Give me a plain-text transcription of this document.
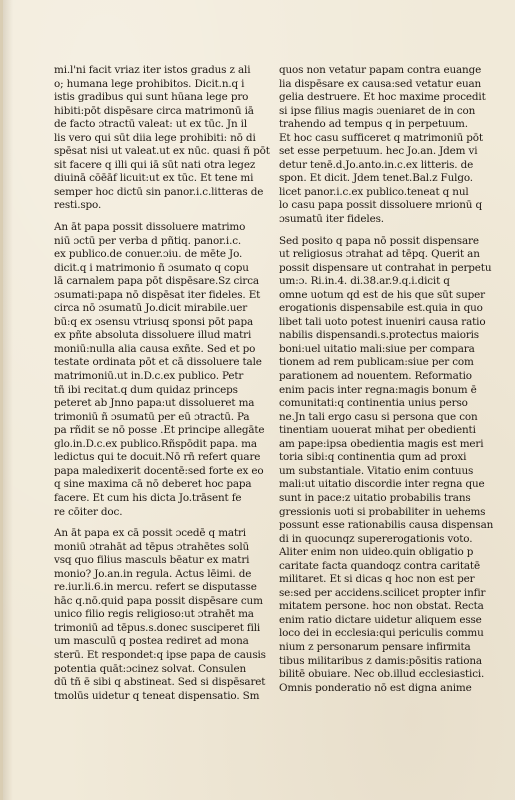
mi.l'ni facit vriaz iter istos gradus z ali
o; humana lege prohibitos. Dicit.n.q i
istis gradibus qui sunt hūana lege pro
hibiti:pōt dispēsare circa matrimonū iā
de facto ɔtractū valeat: ut ex tūc. Jn il
lis vero qui sūt diia lege prohibiti: nō di
spēsat nisi ut valeat.ut ex nūc. quasi ñ pōt
sit facere q illi qui iā sūt nati otra legez
diuinā cōēāf licuit:ut ex tūc. Et tene mi
semper hoc dictū sin panor.i.c.litteras de
resti.spo.
An āt papa possit dissoluere matrimo
niū ɔctū per verba d pñtiq. panor.i.c.
ex publico.de conuer.ɔiu. de mēte Jo.
dicit.q i matrimonio ñ ɔsumato q copu
lā carnalem papa pōt dispēsare.Sz circa
ɔsumati:papa nō dispēsat iter fideles. Et
circa nō ɔsumatū Jo.dicit mirabile.uer
bū:q ex ɔsensu vtriusq sponsi pōt papa
ex pñte absoluta dissoluere illud matri
moniū:nulla alia causa exñte. Sed et po
testate ordinata pōt et cā dissoluere tale
matrimoniū.ut in.D.c.ex publico. Petr
tñ ibi recitat.q dum quidaz princeps
peteret ab Jnno papa:ut dissolueret ma
trimoniū ñ ɔsumatū per eū ɔtractū. Pa
pa rñdit se nō posse .Et principe allegāte
glo.in.D.c.ex publico.Rñspōdit papa. ma
ledictus qui te docuit.Nō rñ refert quare
papa maledixerit docentē:sed forte ex eo
q sine maxima cā nō deberet hoc papa
facere. Et cum his dicta Jo.trāsent fe
re cōiter doc.
An āt papa ex cā possit ɔcedē q matri
moniū ɔtrahāt ad tēpus ɔtrahētes solū
vsq quo filius masculs bēatur ex matri
monio? Jo.an.in regula. Actus lēimi. de
re.iur.li.6.in mercu. refert se disputasse
hāc q.nō.quid papa possit dispēsare cum
unico filio regis religioso:ut ɔtrahēt ma
trimoniū ad tēpus.s.donec susciperet fili
um masculū q postea rediret ad mona
sterū. Et respondet:q ipse papa de causis
potentia quāt:ɔcinez solvat. Consulen
dū tñ ē sibi q abstineat. Sed si dispēsaret
tmolūs uidetur q teneat dispensatio. Sm
quos non vetatur papam contra euange
lia dispēsare ex causa:sed vetatur euan
gelia destruere. Et hoc maxime procedit
si ipse filius magis ɔueniaret de in con
trahendo ad tempus q in perpetuum.
Et hoc casu sufficeret q matrimoniū pōt
set esse perpetuum. hec Jo.an. Jdem vi
detur tenē.d.Jo.anto.in.c.ex litteris. de
spon. Et dicit. Jdem tenet.Bal.z Fulgo.
licet panor.i.c.ex publico.teneat q nul
lo casu papa possit dissoluere mrionū q
ɔsumatū iter fideles.
Sed posito q papa nō possit dispensare
ut religiosus ɔtrahat ad tēpq. Querit an
possit dispensare ut contrahat in perpetu
um:ɔ. Ri.in.4. di.38.ar.9.q.i.dicit q
omne uotum qd est de his que sūt super
erogationis dispensabile est.quia in quo
libet tali uoto potest inueniri causa ratio
nabilis dispensandi.s.protectus maioris
boni:uel uitatio mali:siue per compara
tionem ad rem publicam:siue per com
parationem ad nouentem. Reformatio
enim pacis inter regna:magis bonum ē
comunitati:q continentia unius perso
ne.Jn tali ergo casu si persona que con
tinentiam uouerat mihat per obedienti
am pape:ipsa obedientia magis est meri
toria sibi:q continentia qum ad proxi
um substantiale. Vitatio enim contuus
mali:ut uitatio discordie inter regna que
sunt in pace:z uitatio probabilis trans
gressionis uoti si probabiliter in uehems
possunt esse rationabilis causa dispensan
di in quocunqz supererogationis voto.
Aliter enim non uideo.quin obligatio p
caritate facta quandoqz contra caritatē
militaret. Et si dicas q hoc non est per
se:sed per accidens.scilicet propter infir
mitatem persone. hoc non obstat. Recta
enim ratio dictare uidetur aliquem esse
loco dei in ecclesia:qui periculis commu
nium z personarum pensare infirmita
tibus militaribus z damis:pōsitis rationa
bilitē obuiare. Nec ob.illud ecclesiastici.
Omnis ponderatio nō est digna anime
